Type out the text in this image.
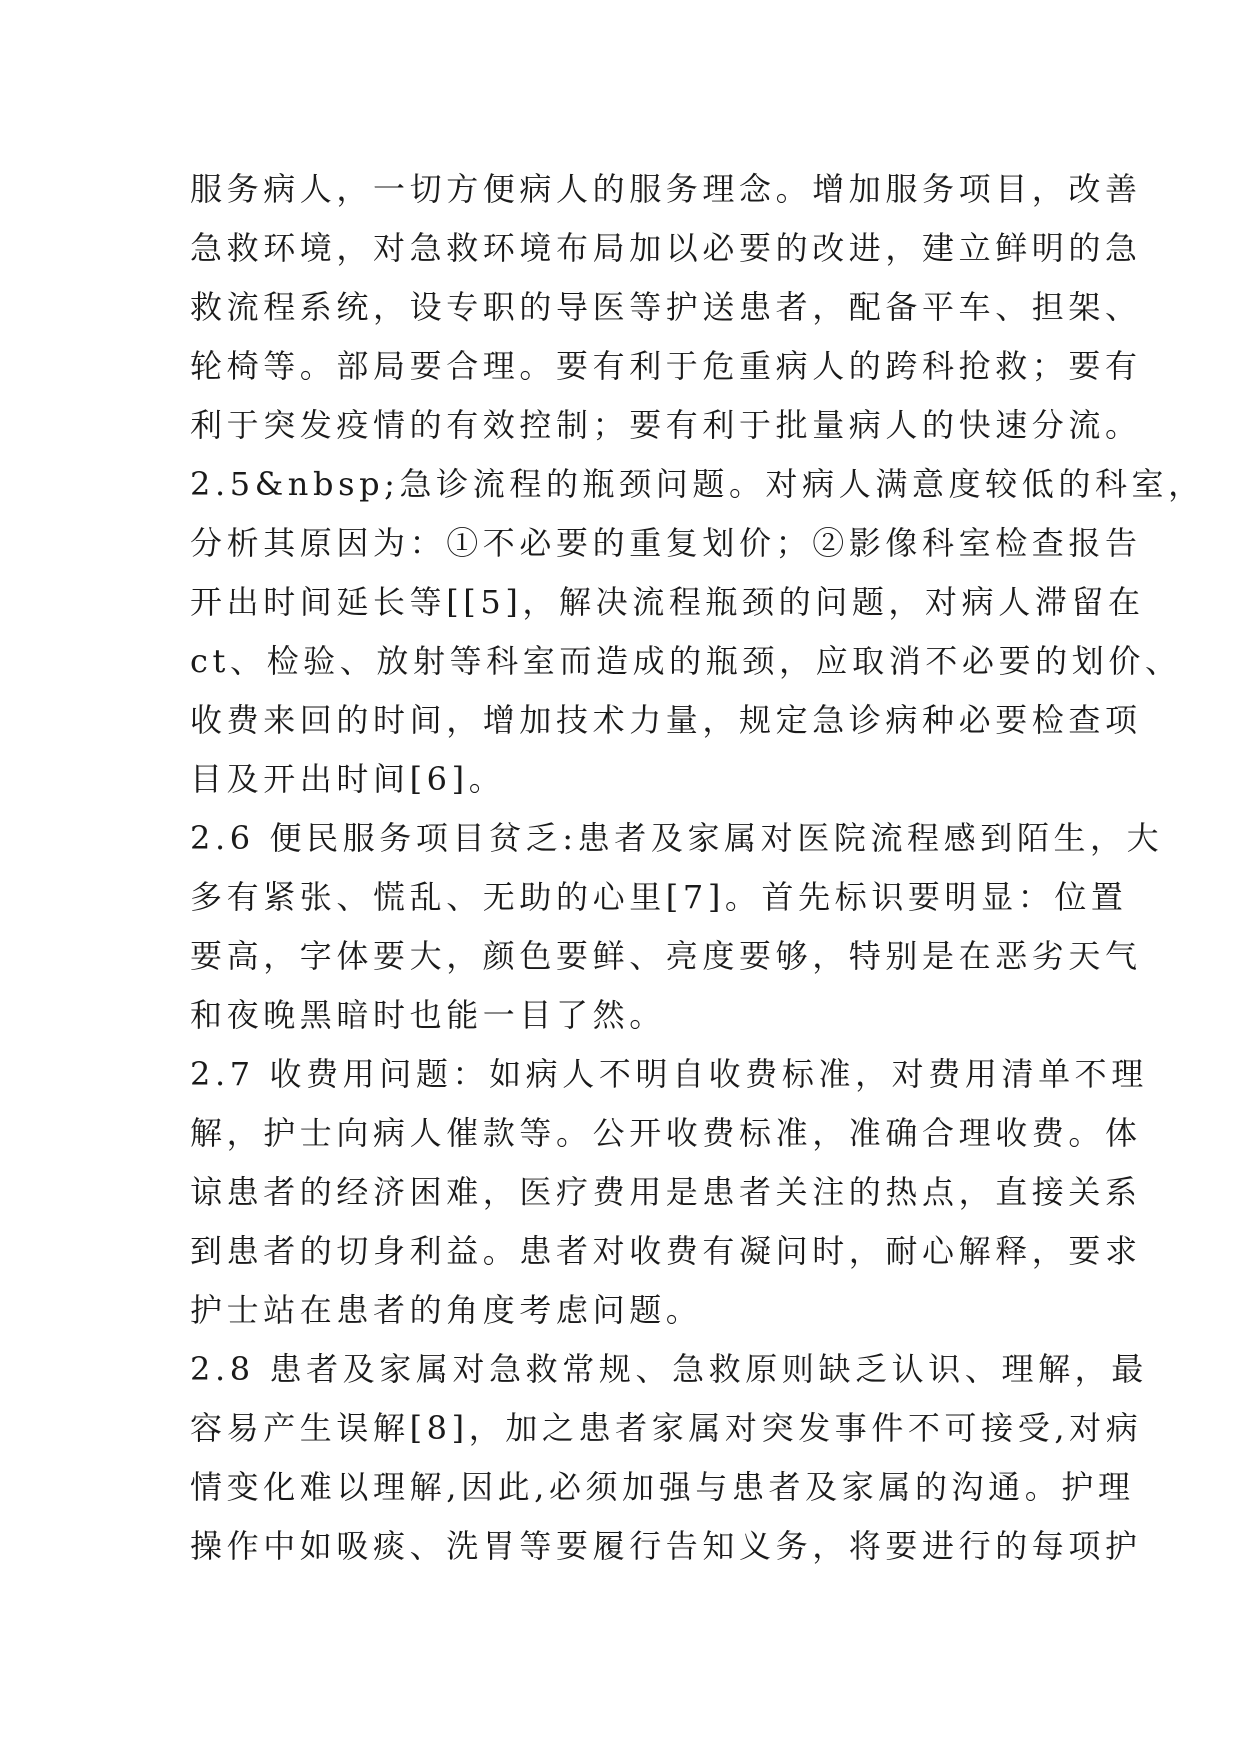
服务病人，一切方便病人的服务理念。增加服务项目，改善
急救环境，对急救环境布局加以必要的改进，建立鲜明的急
救流程系统，设专职的导医等护送患者，配备平车、担架、
轮椅等。部局要合理。要有利于危重病人的跨科抢救；要有
利于突发疫情的有效控制；要有利于批量病人的快速分流。
2.5&nbsp;急诊流程的瓶颈问题。对病人满意度较低的科室，
分析其原因为：①不必要的重复划价；②影像科室检查报告
开出时间延长等[[5]，解决流程瓶颈的问题，对病人滞留在
ct、检验、放射等科室而造成的瓶颈，应取消不必要的划价、
收费来回的时间，增加技术力量，规定急诊病种必要检查项
目及开出时间[6]。
2.6 便民服务项目贫乏:患者及家属对医院流程感到陌生，大
多有紧张、慌乱、无助的心里[7]。首先标识要明显：位置
要高，字体要大，颜色要鲜、亮度要够，特别是在恶劣天气
和夜晚黑暗时也能一目了然。
2.7 收费用问题：如病人不明自收费标准，对费用清单不理
解，护士向病人催款等。公开收费标准，准确合理收费。体
谅患者的经济困难，医疗费用是患者关注的热点，直接关系
到患者的切身利益。患者对收费有凝问时，耐心解释，要求
护士站在患者的角度考虑问题。
2.8 患者及家属对急救常规、急救原则缺乏认识、理解，最
容易产生误解[8]，加之患者家属对突发事件不可接受,对病
情变化难以理解,因此,必须加强与患者及家属的沟通。护理
操作中如吸痰、洗胃等要履行告知义务，将要进行的每项护
